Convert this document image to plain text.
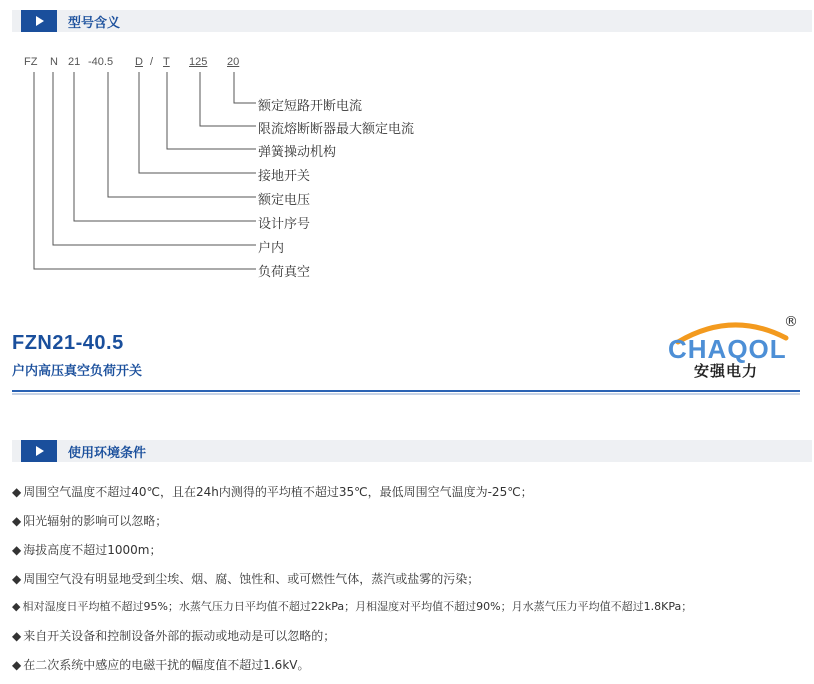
型号含义
FZ N 21 -40.5 D / T 125 20
额定短路开断电流
限流熔断断器最大额定电流
弹簧操动机构
接地开关
额定电压
设计序号
户内
负荷真空
FZN21-40.5
户内高压真空负荷开关
CHAQOL
®
安强电力
使用环境条件
◆ 周围空气温度不超过40℃，且在24h内测得的平均植不超过35℃，最低周围空气温度为-25℃；
◆ 阳光辐射的影响可以忽略；
◆ 海拔高度不超过1000m；
◆ 周围空气没有明显地受到尘埃、烟、腐、蚀性和、或可燃性气体，蒸汽或盐雾的污染；
◆ 相对湿度日平均植不超过95%；水蒸气压力日平均值不超过22kPa；月相湿度对平均值不超过90%；月水蒸气压力平均值不超过1.8KPa；
◆ 来自开关设备和控制设备外部的振动或地动是可以忽略的；
◆ 在二次系统中感应的电磁干扰的幅度值不超过1.6kV。
